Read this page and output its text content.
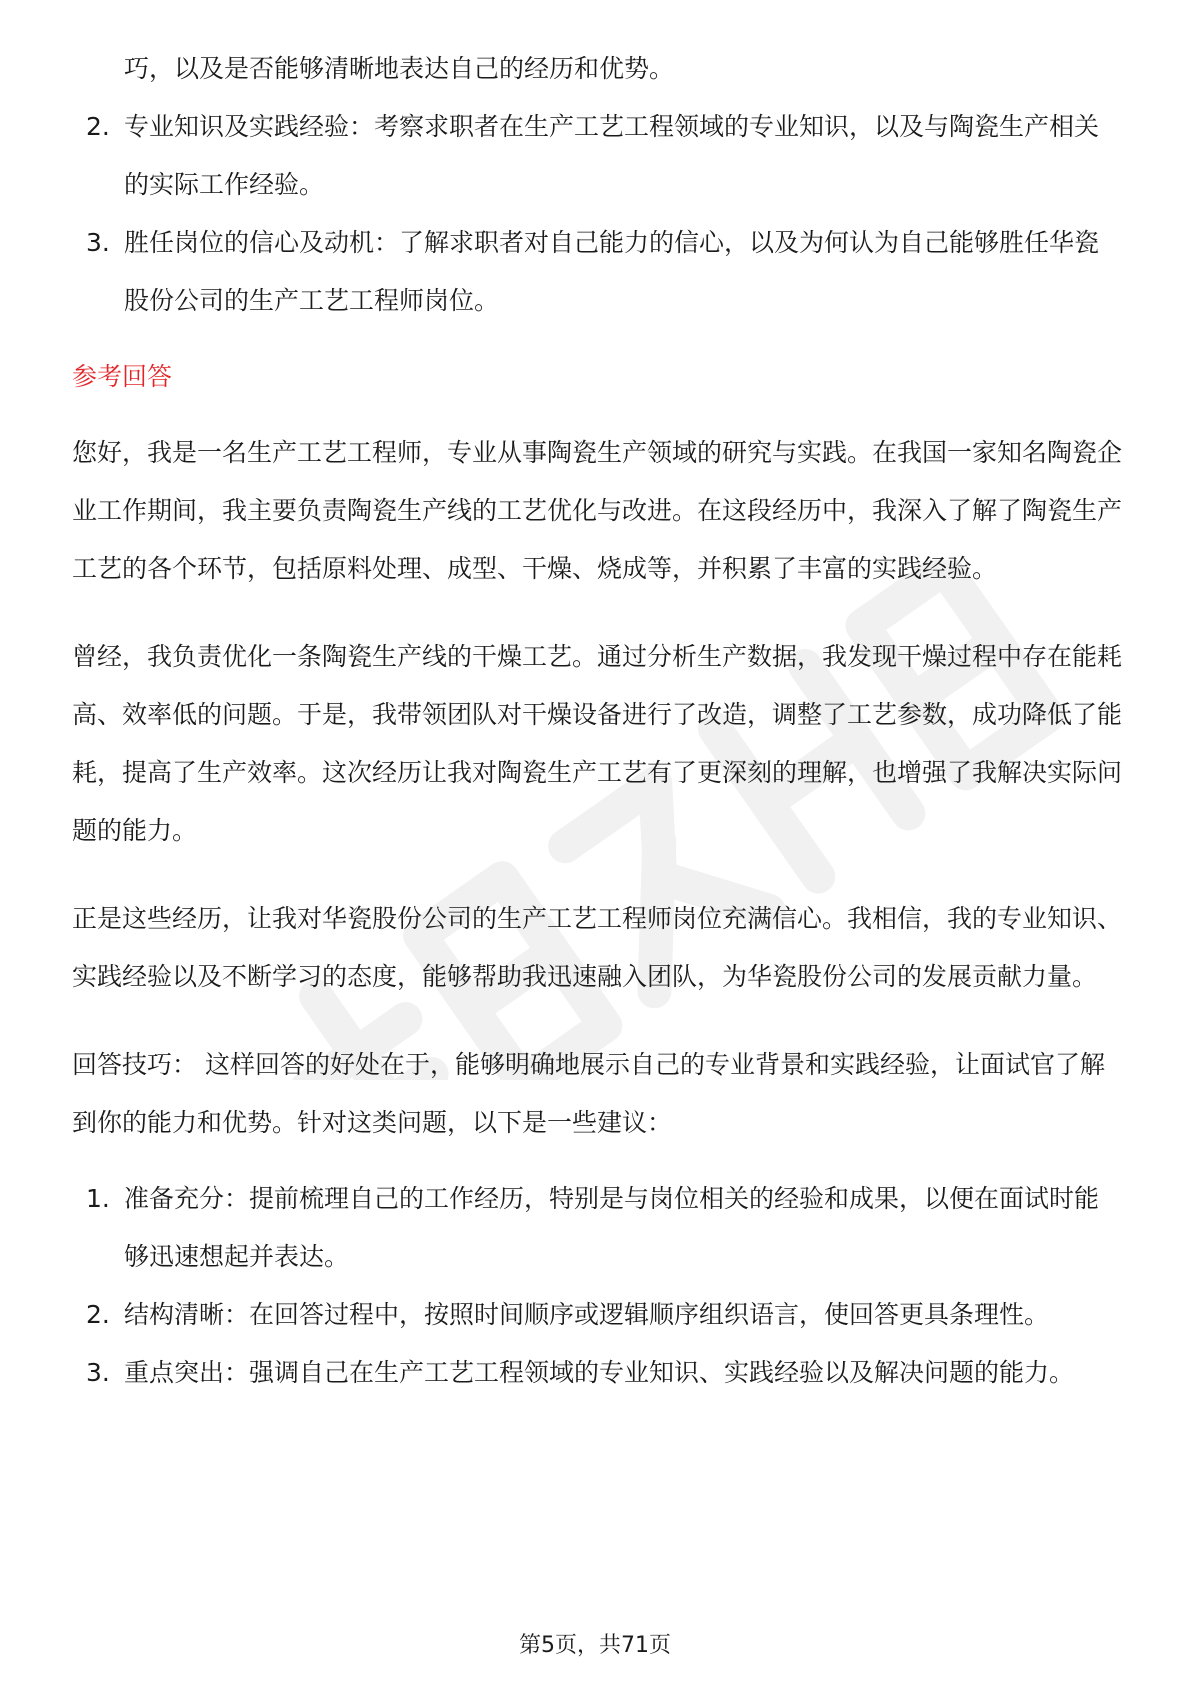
巧，以及是否能够清晰地表达自己的经历和优势。
2. 专业知识及实践经验：考察求职者在生产工艺工程领域的专业知识，以及与陶瓷生产相关的实际工作经验。
3. 胜任岗位的信心及动机：了解求职者对自己能力的信心，以及为何认为自己能够胜任华瓷股份公司的生产工艺工程师岗位。
参考回答

您好，我是一名生产工艺工程师，专业从事陶瓷生产领域的研究与实践。在我国一家知名陶瓷企业工作期间，我主要负责陶瓷生产线的工艺优化与改进。在这段经历中，我深入了解了陶瓷生产工艺的各个环节，包括原料处理、成型、干燥、烧成等，并积累了丰富的实践经验。

曾经，我负责优化一条陶瓷生产线的干燥工艺。通过分析生产数据，我发现干燥过程中存在能耗高、效率低的问题。于是，我带领团队对干燥设备进行了改造，调整了工艺参数，成功降低了能耗，提高了生产效率。这次经历让我对陶瓷生产工艺有了更深刻的理解，也增强了我解决实际问题的能力。

正是这些经历，让我对华瓷股份公司的生产工艺工程师岗位充满信心。我相信，我的专业知识、实践经验以及不断学习的态度，能够帮助我迅速融入团队，为华瓷股份公司的发展贡献力量。

回答技巧： 这样回答的好处在于，能够明确地展示自己的专业背景和实践经验，让面试官了解到你的能力和优势。针对这类问题，以下是一些建议：

1. 准备充分：提前梳理自己的工作经历，特别是与岗位相关的经验和成果，以便在面试时能够迅速想起并表达。
2. 结构清晰：在回答过程中，按照时间顺序或逻辑顺序组织语言，使回答更具条理性。
3. 重点突出：强调自己在生产工艺工程领域的专业知识、实践经验以及解决问题的能力。
第5页，共71页
